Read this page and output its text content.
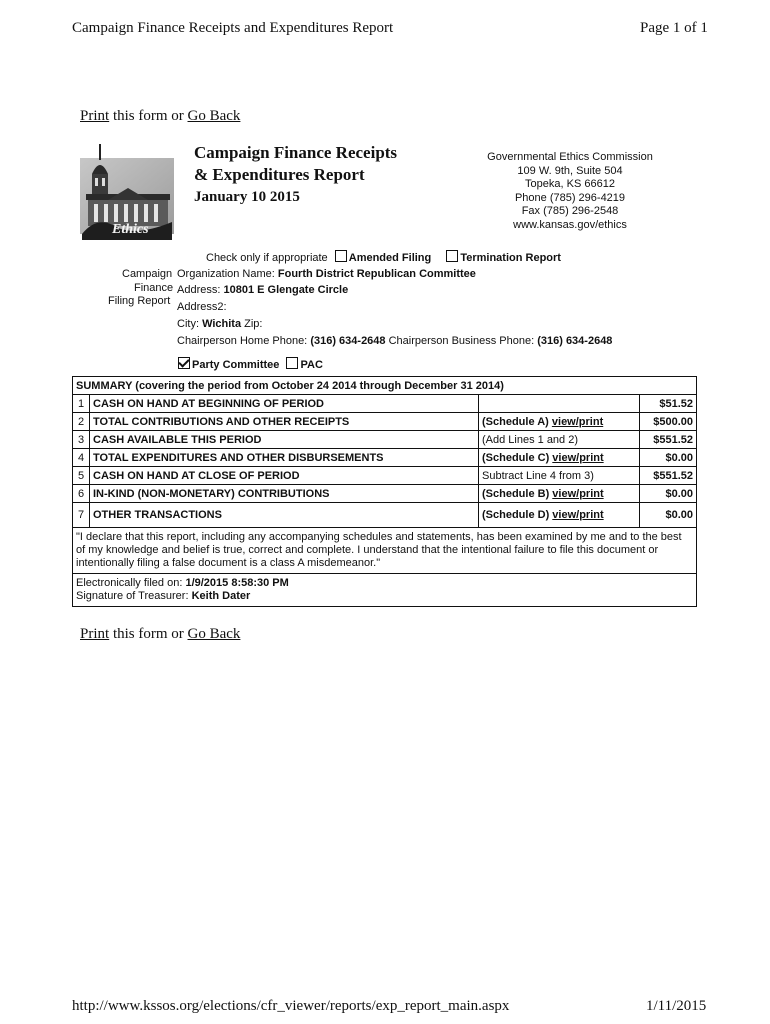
Campaign Finance Receipts and Expenditures Report	Page 1 of 1
Print this form or Go Back
Ethics
Campaign Finance Receipts
& Expenditures Report
January 10 2015
Governmental Ethics Commission
109 W. 9th, Suite 504
Topeka, KS 66612
Phone (785) 296-4219
Fax (785) 296-2548
www.kansas.gov/ethics
Check only if appropriate Amended Filing	Termination Report
Campaign
Finance
Filing Report
Organization Name: Fourth District Republican Committee
Address: 10801 E Glengate Circle
Address2:
City: Wichita Zip:
Chairperson Home Phone: (316) 634-2648 Chairperson Business Phone: (316) 634-2648
Party Committee PAC
SUMMARY (covering the period from October 24 2014 through December 31 2014)			
1	CASH ON HAND AT BEGINNING OF PERIOD		$51.52
2	TOTAL CONTRIBUTIONS AND OTHER RECEIPTS	(Schedule A) view/print	$500.00
3	CASH AVAILABLE THIS PERIOD	(Add Lines 1 and 2)	$551.52
4	TOTAL EXPENDITURES AND OTHER DISBURSEMENTS	(Schedule C) view/print	$0.00
5	CASH ON HAND AT CLOSE OF PERIOD	Subtract Line 4 from 3)	$551.52
6	IN-KIND (NON-MONETARY) CONTRIBUTIONS	(Schedule B) view/print	$0.00
7	OTHER TRANSACTIONS	(Schedule D) view/print	$0.00
"I declare that this report, including any accompanying schedules and statements, has been examined by me and to the best of my knowledge and belief is true, correct and complete. I understand that the intentional failure to file this document or intentionally filing a false document is a class A misdemeanor."			

Electronically filed on: 1/9/2015 8:58:30 PM
Signature of Treasurer: Keith Dater			
Print this form or Go Back
http://www.kssos.org/elections/cfr_viewer/reports/exp_report_main.aspx	1/11/2015
